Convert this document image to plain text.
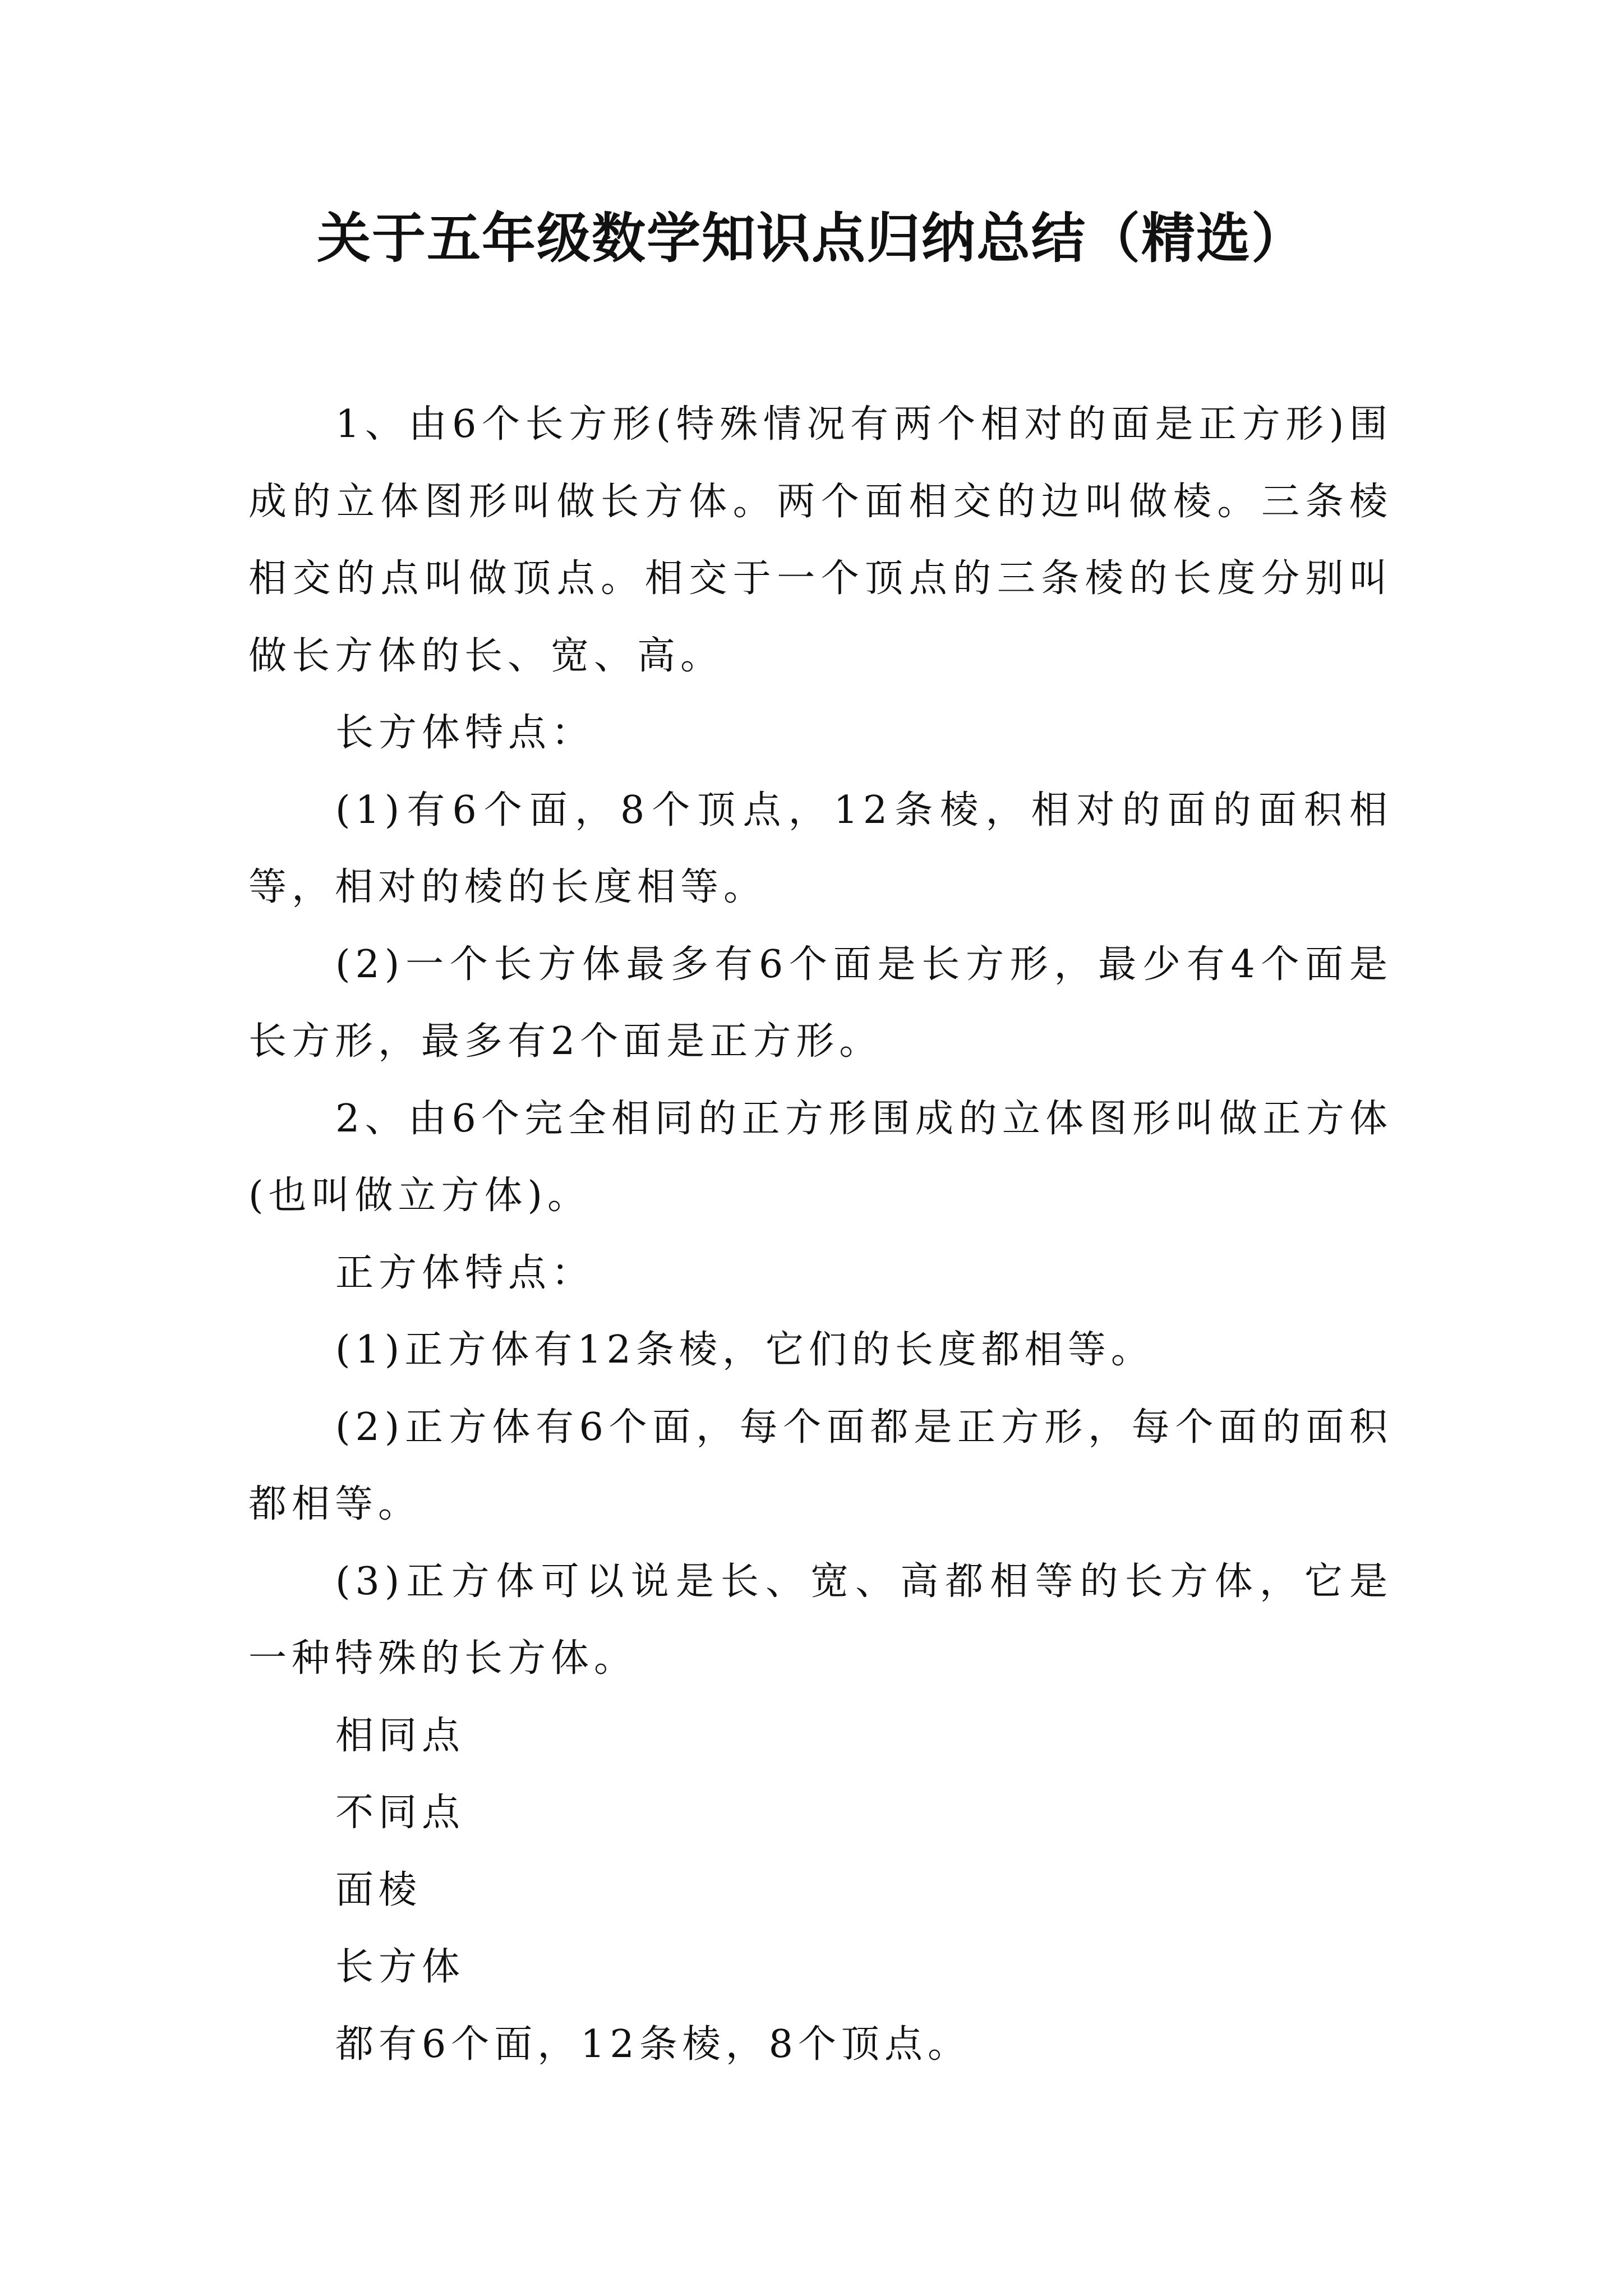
关于五年级数学知识点归纳总结（精选）

1、由6个长方形(特殊情况有两个相对的面是正方形)围成的立体图形叫做长方体。两个面相交的边叫做棱。三条棱相交的点叫做顶点。相交于一个顶点的三条棱的长度分别叫做长方体的长、宽、高。

长方体特点：

(1)有6个面，8个顶点，12条棱，相对的面的面积相等，相对的棱的长度相等。

(2)一个长方体最多有6个面是长方形，最少有4个面是长方形，最多有2个面是正方形。

2、由6个完全相同的正方形围成的立体图形叫做正方体(也叫做立方体)。

正方体特点：

(1)正方体有12条棱，它们的长度都相等。

(2)正方体有6个面，每个面都是正方形，每个面的面积都相等。

(3)正方体可以说是长、宽、高都相等的长方体，它是一种特殊的长方体。

相同点

不同点

面棱

长方体

都有6个面，12条棱，8个顶点。
